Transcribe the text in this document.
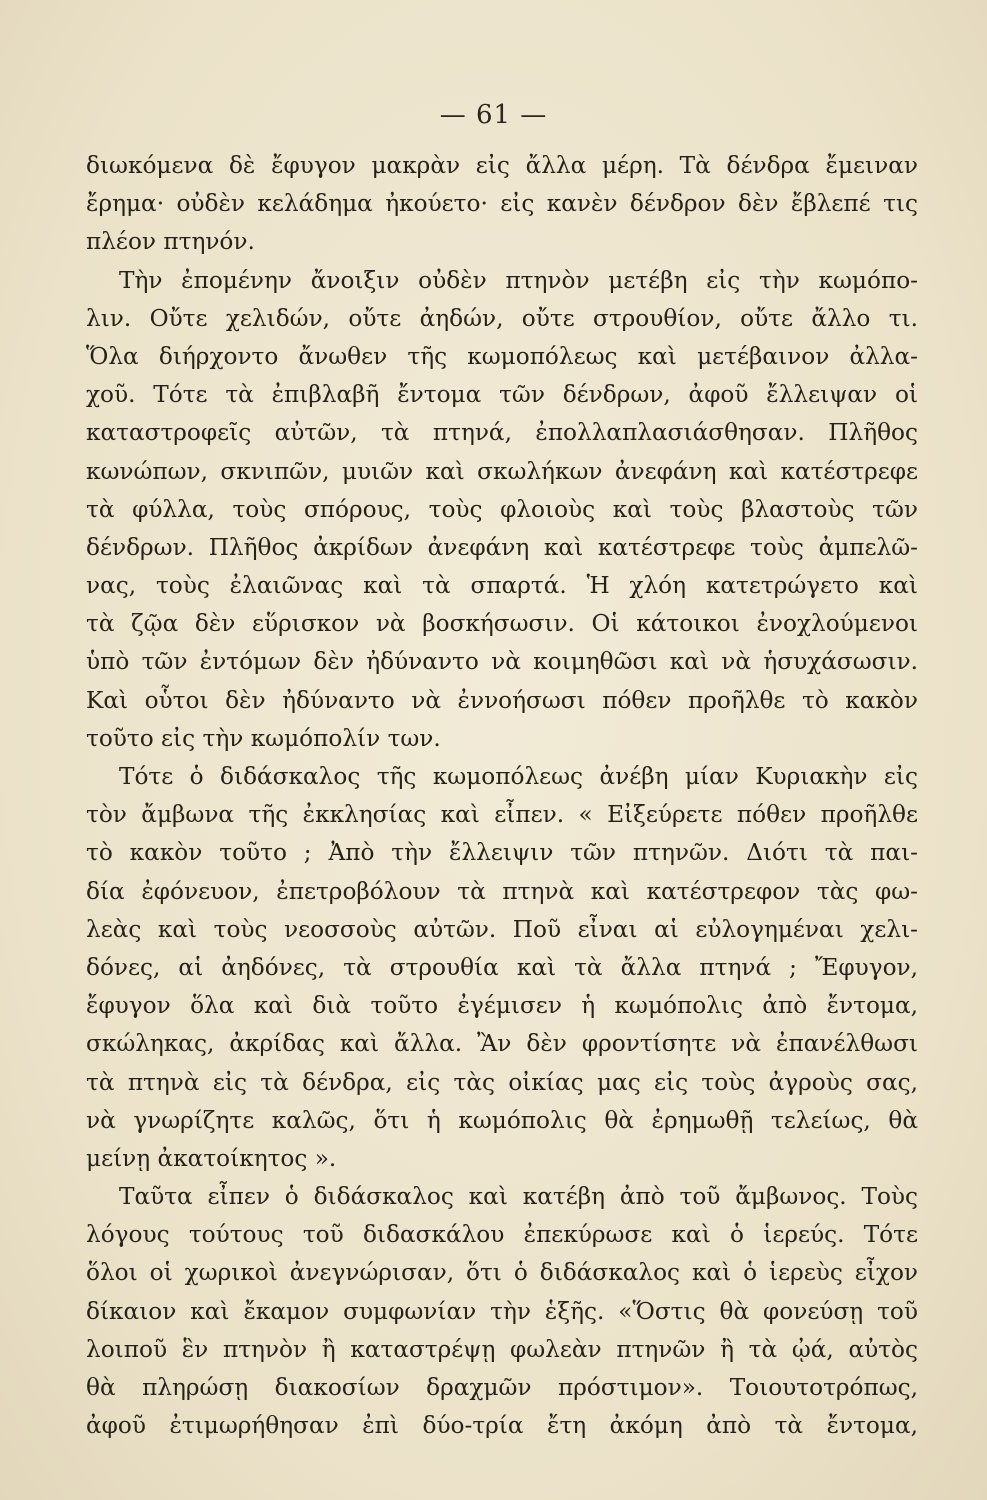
— 61 —
διωκόμενα δὲ ἔφυγον μακρὰν εἰς ἄλλα μέρη. Τὰ δένδρα ἔμειναν
ἔρημα· οὐδὲν κελάδημα ἠκούετο· εἰς κανὲν δένδρον δὲν ἔβλεπέ τις
πλέον πτηνόν.
Τὴν ἐπομένην ἄνοιξιν οὐδὲν πτηνὸν μετέβη εἰς τὴν κωμόπο-
λιν. Οὔτε χελιδών, οὔτε ἀηδών, οὔτε στρουθίον, οὔτε ἄλλο τι.
Ὅλα διήρχοντο ἄνωθεν τῆς κωμοπόλεως καὶ μετέβαινον ἀλλα-
χοῦ. Τότε τὰ ἐπιβλαβῆ ἔντομα τῶν δένδρων, ἀφοῦ ἔλλειψαν οἱ
καταστροφεῖς αὐτῶν, τὰ πτηνά, ἐπολλαπλασιάσθησαν. Πλῆθος
κωνώπων, σκνιπῶν, μυιῶν καὶ σκωλήκων ἀνεφάνη καὶ κατέστρεφε
τὰ φύλλα, τοὺς σπόρους, τοὺς φλοιοὺς καὶ τοὺς βλαστοὺς τῶν
δένδρων. Πλῆθος ἀκρίδων ἀνεφάνη καὶ κατέστρεφε τοὺς ἀμπελῶ-
νας, τοὺς ἐλαιῶνας καὶ τὰ σπαρτά. Ἡ χλόη κατετρώγετο καὶ
τὰ ζῷα δὲν εὕρισκον νὰ βοσκήσωσιν. Οἱ κάτοικοι ἐνοχλούμενοι
ὑπὸ τῶν ἐντόμων δὲν ἠδύναντο νὰ κοιμηθῶσι καὶ νὰ ἡσυχάσωσιν.
Καὶ οὗτοι δὲν ἠδύναντο νὰ ἐννοήσωσι πόθεν προῆλθε τὸ κακὸν
τοῦτο εἰς τὴν κωμόπολίν των.
Τότε ὁ διδάσκαλος τῆς κωμοπόλεως ἀνέβη μίαν Κυριακὴν εἰς
τὸν ἄμβωνα τῆς ἐκκλησίας καὶ εἶπεν. « Εἰξεύρετε πόθεν προῆλθε
τὸ κακὸν τοῦτο ; Ἀπὸ τὴν ἔλλειψιν τῶν πτηνῶν. Διότι τὰ παι-
δία ἐφόνευον, ἐπετροβόλουν τὰ πτηνὰ καὶ κατέστρεφον τὰς φω-
λεὰς καὶ τοὺς νεοσσοὺς αὐτῶν. Ποῦ εἶναι αἱ εὐλογημέναι χελι-
δόνες, αἱ ἀηδόνες, τὰ στρουθία καὶ τὰ ἄλλα πτηνά ; Ἔφυγον,
ἔφυγον ὅλα καὶ διὰ τοῦτο ἐγέμισεν ἡ κωμόπολις ἀπὸ ἔντομα,
σκώληκας, ἀκρίδας καὶ ἄλλα. Ἂν δὲν φροντίσητε νὰ ἐπανέλθωσι
τὰ πτηνὰ εἰς τὰ δένδρα, εἰς τὰς οἰκίας μας εἰς τοὺς ἀγροὺς σας,
νὰ γνωρίζητε καλῶς, ὅτι ἡ κωμόπολις θὰ ἐρημωθῇ τελείως, θὰ
μείνῃ ἀκατοίκητος ».
Ταῦτα εἶπεν ὁ διδάσκαλος καὶ κατέβη ἀπὸ τοῦ ἄμβωνος. Τοὺς
λόγους τούτους τοῦ διδασκάλου ἐπεκύρωσε καὶ ὁ ἱερεύς. Τότε
ὅλοι οἱ χωρικοὶ ἀνεγνώρισαν, ὅτι ὁ διδάσκαλος καὶ ὁ ἱερεὺς εἶχον
δίκαιον καὶ ἔκαμον συμφωνίαν τὴν ἑξῆς. «Ὅστις θὰ φονεύσῃ τοῦ
λοιποῦ ἓν πτηνὸν ἢ καταστρέψῃ φωλεὰν πτηνῶν ἢ τὰ ᾠά, αὐτὸς
θὰ πληρώσῃ διακοσίων δραχμῶν πρόστιμον». Τοιουτοτρόπως,
ἀφοῦ ἐτιμωρήθησαν ἐπὶ δύο-τρία ἔτη ἀκόμη ἀπὸ τὰ ἔντομα,
